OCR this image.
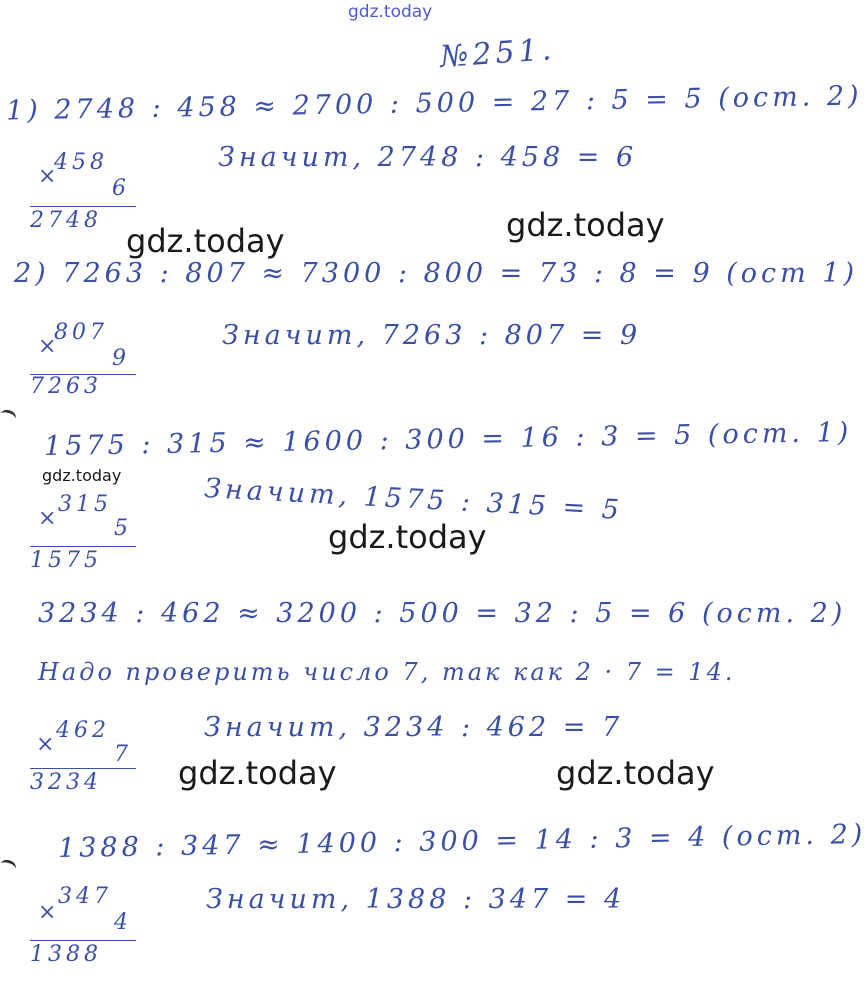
gdz.today
№251.
1) 2748 : 458 ≈ 2700 : 500 = 27 : 5 = 5 (ост. 2)
Значит, 2748 : 458 = 6
×
458
6
2748
gdz.today	gdz.today
2) 7263 : 807 ≈ 7300 : 800 = 73 : 8 = 9 (ост 1)
Значит, 7263 : 807 = 9
×
807
9
7263
1575 : 315 ≈ 1600 : 300 = 16 : 3 = 5 (ост. 1)
gdz.today	Значит, 1575 : 315 = 5
×
315
5
1575
gdz.today
3234 : 462 ≈ 3200 : 500 = 32 : 5 = 6 (ост. 2)
Надо проверить число 7, так как 2 · 7 = 14.
Значит, 3234 : 462 = 7
×
462
7
3234 gdz.today	gdz.today
1388 : 347 ≈ 1400 : 300 = 14 : 3 = 4 (ост. 2)
Значит, 1388 : 347 = 4
×
347
4
1388
